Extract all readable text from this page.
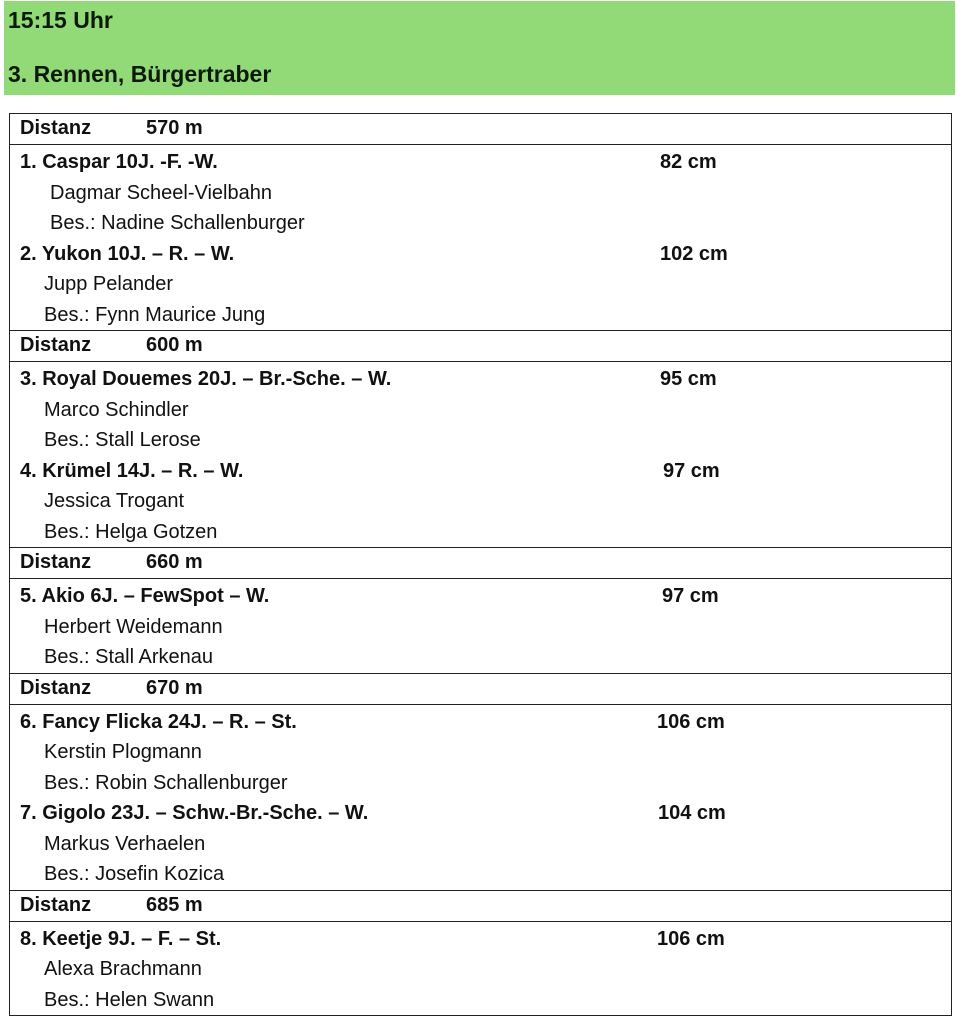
15:15 Uhr
3. Rennen, Bürgertraber
Distanz	570 m
1. Caspar 10J. -F. -W.	82 cm
Dagmar Scheel-Vielbahn
Bes.: Nadine Schallenburger
2. Yukon 10J. – R. – W.	102 cm
Jupp Pelander
Bes.: Fynn Maurice Jung
Distanz	600 m
3. Royal Douemes 20J. – Br.-Sche. – W.	95 cm
Marco Schindler
Bes.: Stall Lerose
4. Krümel 14J. – R. – W.	97 cm
Jessica Trogant
Bes.: Helga Gotzen
Distanz	660 m
5. Akio 6J. – FewSpot – W.	97 cm
Herbert Weidemann
Bes.: Stall Arkenau
Distanz	670 m
6. Fancy Flicka 24J. – R. – St.	106 cm
Kerstin Plogmann
Bes.: Robin Schallenburger
7. Gigolo 23J. – Schw.-Br.-Sche. – W.	104 cm
Markus Verhaelen
Bes.: Josefin Kozica
Distanz	685 m
8. Keetje 9J. – F. – St.	106 cm
Alexa Brachmann
Bes.: Helen Swann
